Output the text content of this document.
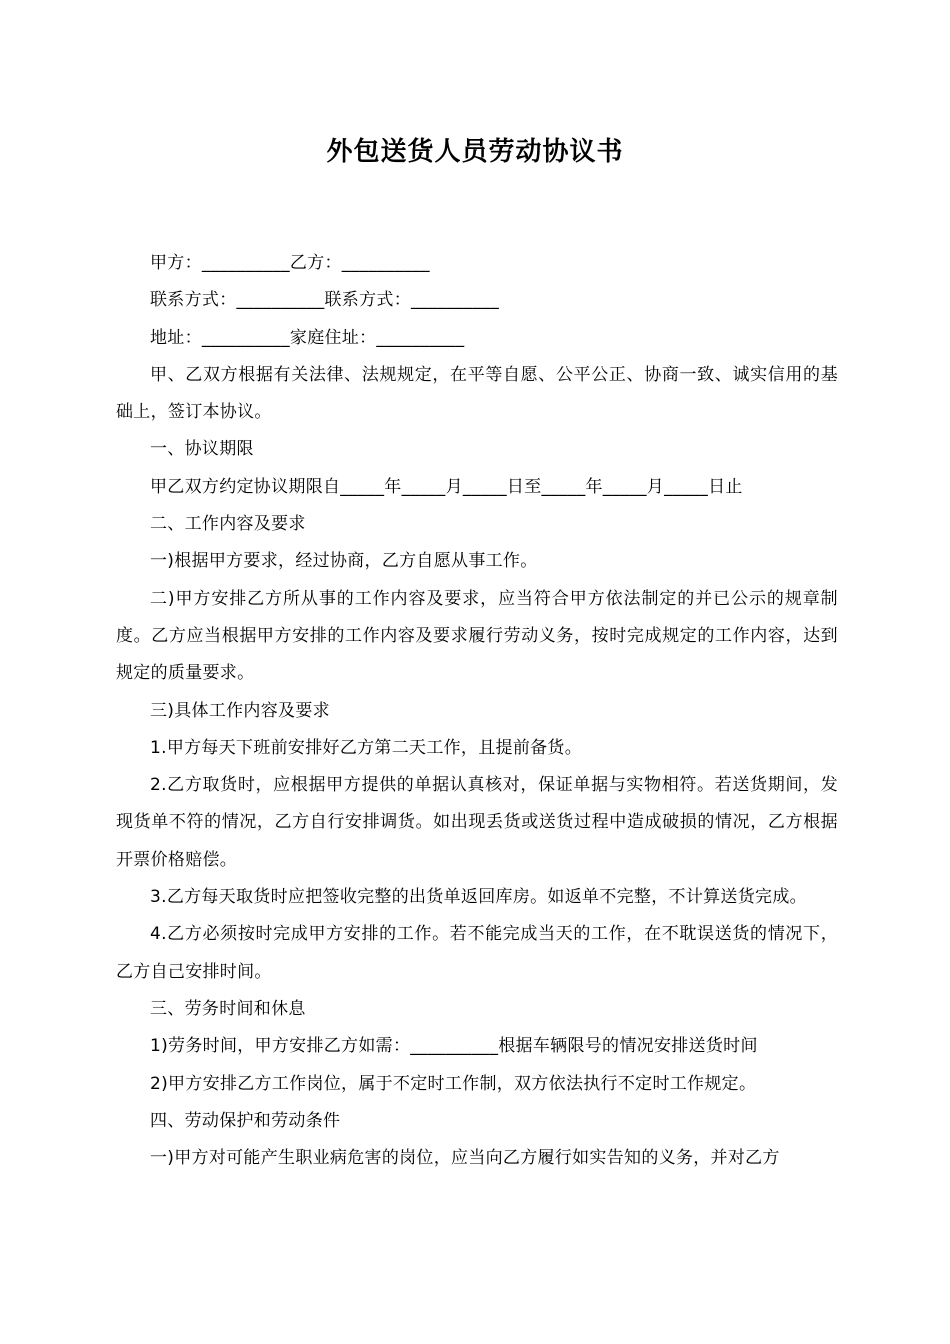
外包送货人员劳动协议书

甲方：__________乙方：__________

联系方式：__________联系方式：__________

地址：__________家庭住址：__________

甲、乙双方根据有关法律、法规规定，在平等自愿、公平公正、协商一致、诚实信用的基础上，签订本协议。

一、协议期限

甲乙双方约定协议期限自_____年_____月_____日至_____年_____月_____日止

二、工作内容及要求

一)根据甲方要求，经过协商，乙方自愿从事工作。

二)甲方安排乙方所从事的工作内容及要求，应当符合甲方依法制定的并已公示的规章制度。乙方应当根据甲方安排的工作内容及要求履行劳动义务，按时完成规定的工作内容，达到规定的质量要求。

三)具体工作内容及要求

1.甲方每天下班前安排好乙方第二天工作，且提前备货。

2.乙方取货时，应根据甲方提供的单据认真核对，保证单据与实物相符。若送货期间，发现货单不符的情况，乙方自行安排调货。如出现丢货或送货过程中造成破损的情况，乙方根据开票价格赔偿。

3.乙方每天取货时应把签收完整的出货单返回库房。如返单不完整，不计算送货完成。

4.乙方必须按时完成甲方安排的工作。若不能完成当天的工作，在不耽误送货的情况下，乙方自己安排时间。

三、劳务时间和休息

1)劳务时间，甲方安排乙方如需：__________根据车辆限号的情况安排送货时间

2)甲方安排乙方工作岗位，属于不定时工作制，双方依法执行不定时工作规定。

四、劳动保护和劳动条件

一)甲方对可能产生职业病危害的岗位，应当向乙方履行如实告知的义务，并对乙方
